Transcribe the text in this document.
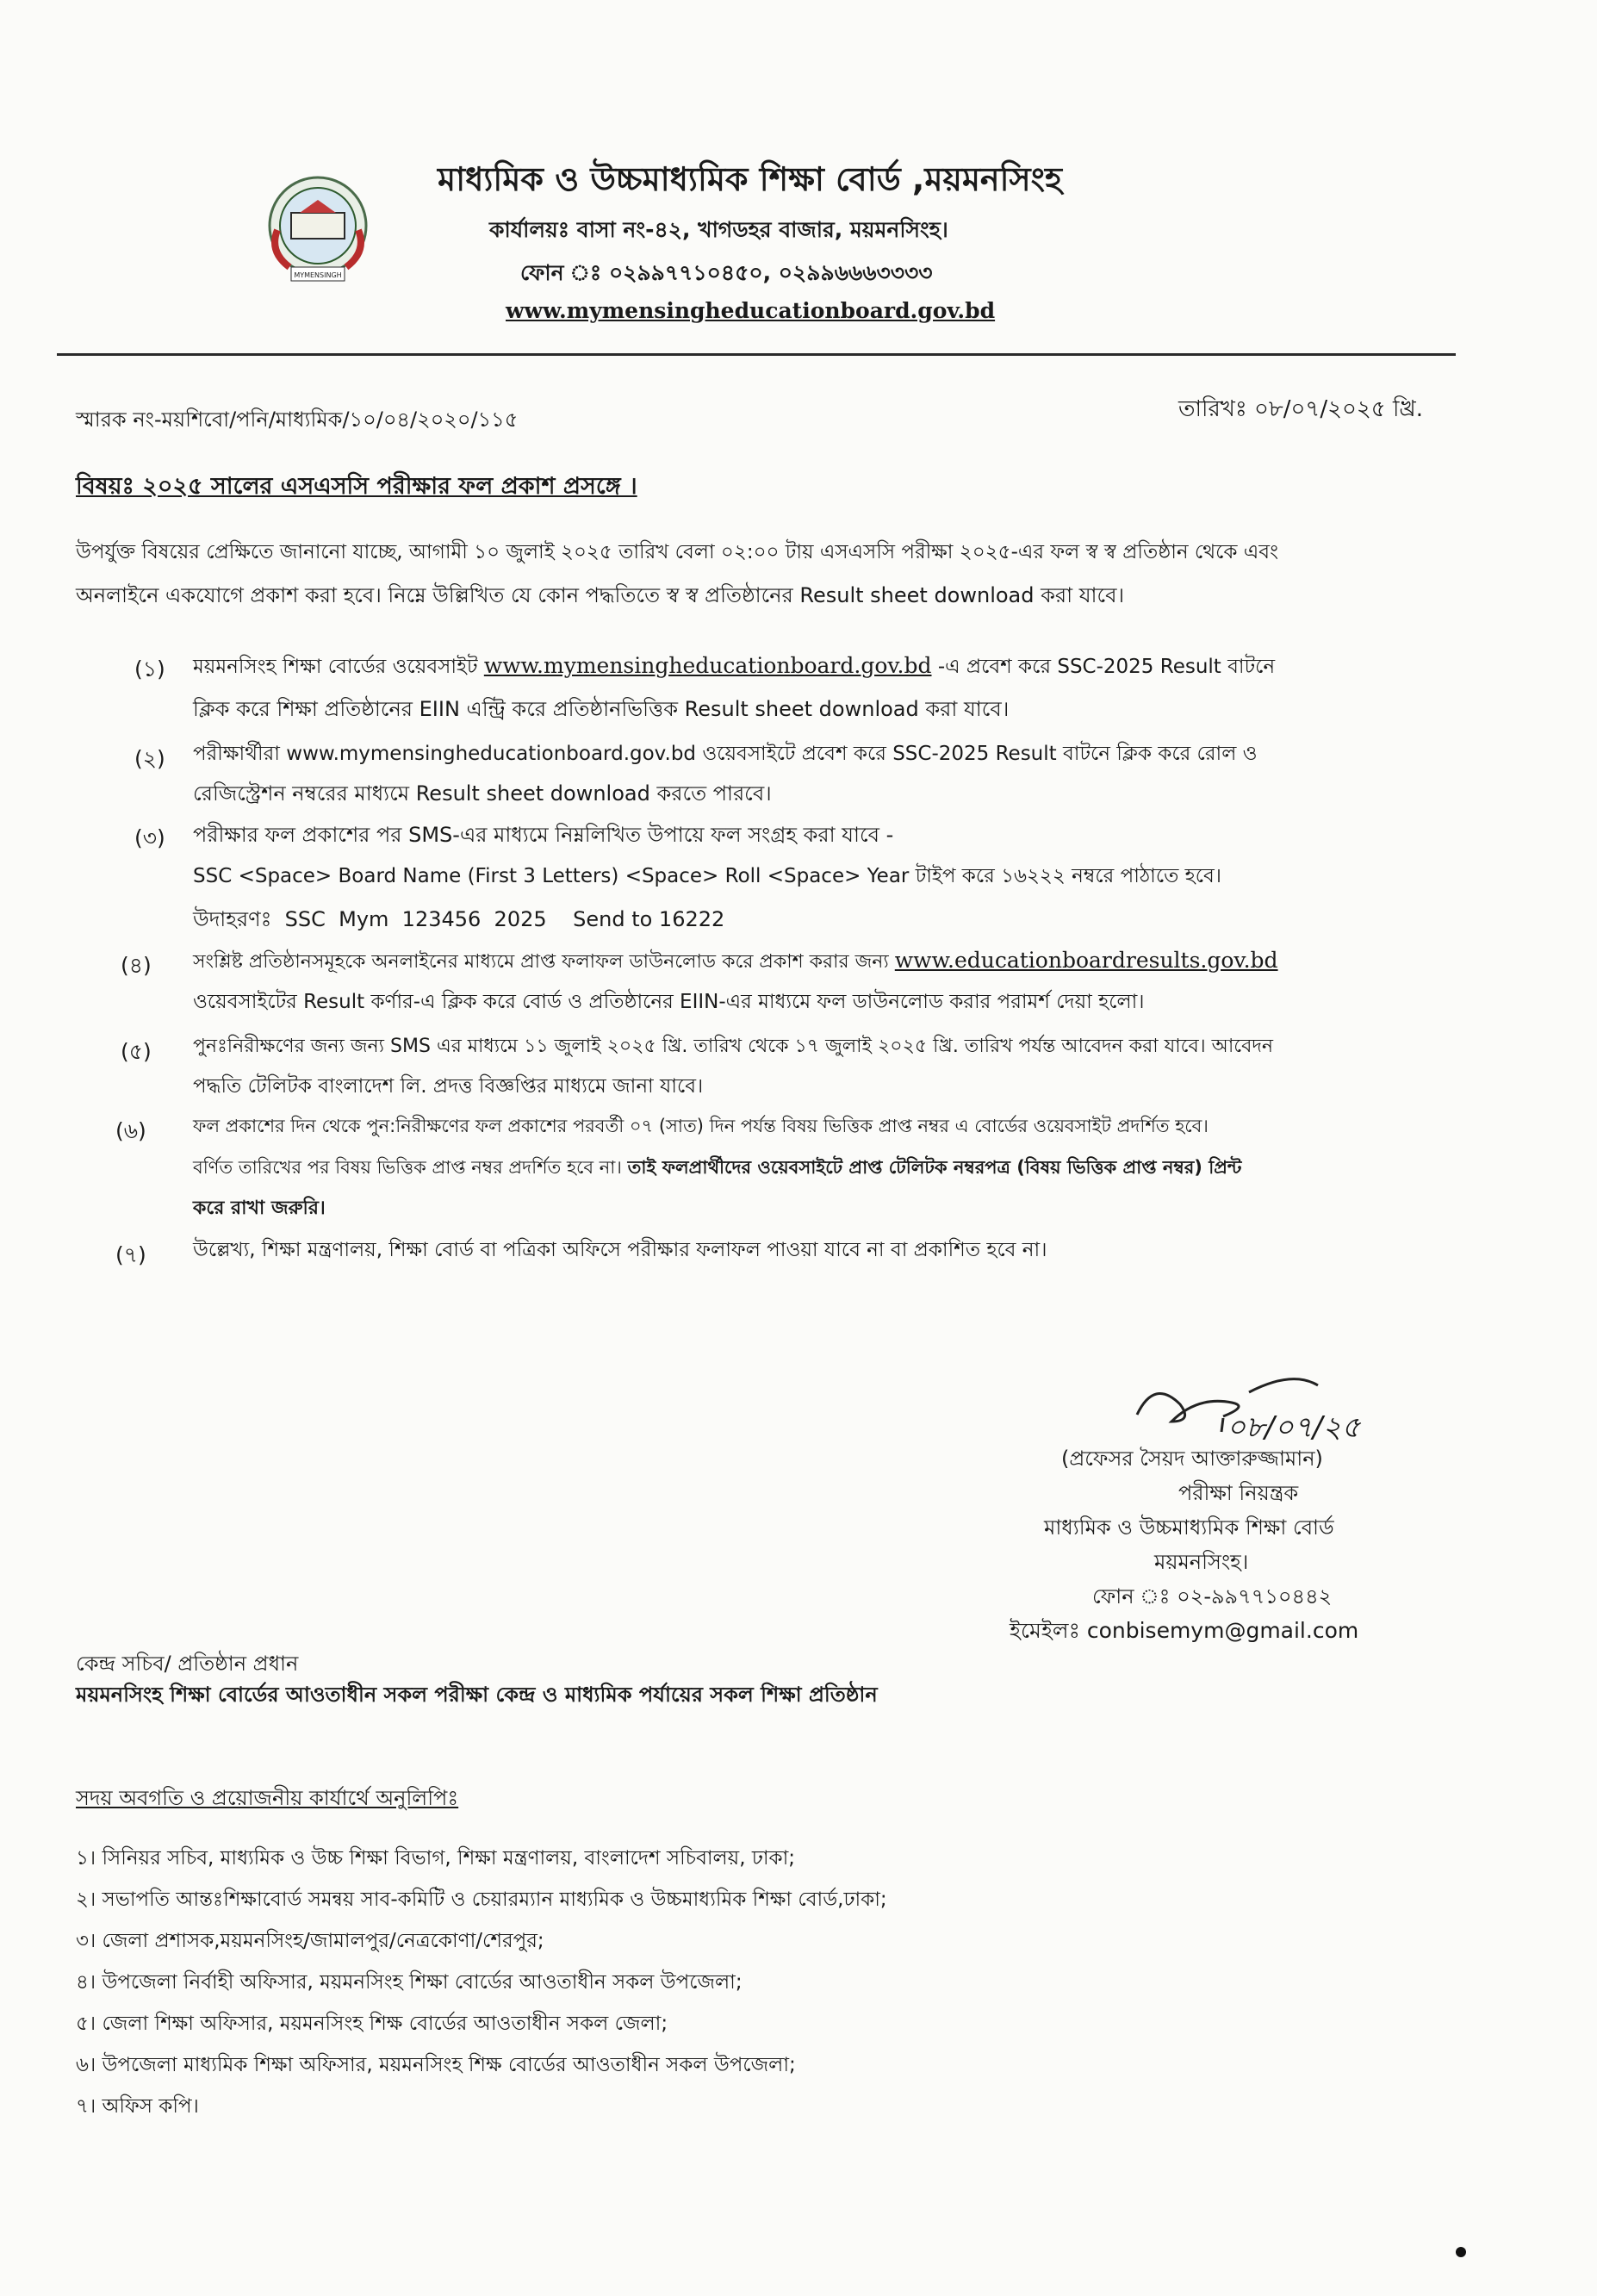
MYMENSINGH
মাধ্যমিক ও উচ্চমাধ্যমিক শিক্ষা বোর্ড ,ময়মনসিংহ
কার্যালয়ঃ বাসা নং-৪২, খাগডহর বাজার, ময়মনসিংহ।
ফোন ঃ ০২৯৯৭৭১০৪৫০, ০২৯৯৬৬৬৩৩৩৩
www.mymensingheducationboard.gov.bd
স্মারক নং-ময়শিবো/পনি/মাধ্যমিক/১০/০৪/২০২০/১১৫	তারিখঃ ০৮/০৭/২০২৫ খ্রি.
বিষয়ঃ ২০২৫ সালের এসএসসি পরীক্ষার ফল প্রকাশ প্রসঙ্গে ।
উপর্যুক্ত বিষয়ের প্রেক্ষিতে জানানো যাচ্ছে, আগামী ১০ জুলাই ২০২৫ তারিখ বেলা ০২:০০ টায় এসএসসি পরীক্ষা ২০২৫-এর ফল স্ব স্ব প্রতিষ্ঠান থেকে এবং
অনলাইনে একযোগে প্রকাশ করা হবে। নিম্নে উল্লিখিত যে কোন পদ্ধতিতে স্ব স্ব প্রতিষ্ঠানের Result sheet download করা যাবে।
(১) ময়মনসিংহ শিক্ষা বোর্ডের ওয়েবসাইট www.mymensingheducationboard.gov.bd -এ প্রবেশ করে SSC-2025 Result বাটনে
ক্লিক করে শিক্ষা প্রতিষ্ঠানের EIIN এন্ট্রি করে প্রতিষ্ঠানভিত্তিক Result sheet download করা যাবে।
(২) পরীক্ষার্থীরা www.mymensingheducationboard.gov.bd ওয়েবসাইটে প্রবেশ করে SSC-2025 Result বাটনে ক্লিক করে রোল ও
রেজিস্ট্রেশন নম্বরের মাধ্যমে Result sheet download করতে পারবে।
(৩) পরীক্ষার ফল প্রকাশের পর SMS-এর মাধ্যমে নিম্নলিখিত উপায়ে ফল সংগ্রহ করা যাবে -
SSC <Space> Board Name (First 3 Letters) <Space> Roll <Space> Year টাইপ করে ১৬২২২ নম্বরে পাঠাতে হবে।
উদাহরণঃ  SSC  Mym  123456  2025    Send to 16222
(৪) সংশ্লিষ্ট প্রতিষ্ঠানসমূহকে অনলাইনের মাধ্যমে প্রাপ্ত ফলাফল ডাউনলোড করে প্রকাশ করার জন্য www.educationboardresults.gov.bd
ওয়েবসাইটের Result কর্ণার-এ ক্লিক করে বোর্ড ও প্রতিষ্ঠানের EIIN-এর মাধ্যমে ফল ডাউনলোড করার পরামর্শ দেয়া হলো।
(৫) পুনঃনিরীক্ষণের জন্য জন্য SMS এর মাধ্যমে ১১ জুলাই ২০২৫ খ্রি. তারিখ থেকে ১৭ জুলাই ২০২৫ খ্রি. তারিখ পর্যন্ত আবেদন করা যাবে। আবেদন
পদ্ধতি টেলিটক বাংলাদেশ লি. প্রদত্ত বিজ্ঞপ্তির মাধ্যমে জানা যাবে।
(৬)	ফল প্রকাশের দিন থেকে পুন:নিরীক্ষণের ফল প্রকাশের পরবর্তী ০৭ (সাত) দিন পর্যন্ত বিষয় ভিত্তিক প্রাপ্ত নম্বর এ বোর্ডের ওয়েবসাইট প্রদর্শিত হবে।
বর্ণিত তারিখের পর বিষয় ভিত্তিক প্রাপ্ত নম্বর প্রদর্শিত হবে না। তাই ফলপ্রার্থীদের ওয়েবসাইটে প্রাপ্ত টেলিটক নম্বরপত্র (বিষয় ভিত্তিক প্রাপ্ত নম্বর) প্রিন্ট
করে রাখা জরুরি।
(৭) উল্লেখ্য, শিক্ষা মন্ত্রণালয়, শিক্ষা বোর্ড বা পত্রিকা অফিসে পরীক্ষার ফলাফল পাওয়া যাবে না বা প্রকাশিত হবে না।
০৮/০৭/২৫
(প্রফেসর সৈয়দ আক্তারুজ্জামান)
পরীক্ষা নিয়ন্ত্রক
মাধ্যমিক ও উচ্চমাধ্যমিক শিক্ষা বোর্ড
ময়মনসিংহ।
ফোন ঃ ০২-৯৯৭৭১০৪৪২
ইমেইলঃ conbisemym@gmail.com
কেন্দ্র সচিব/ প্রতিষ্ঠান প্রধান
ময়মনসিংহ শিক্ষা বোর্ডের আওতাধীন সকল পরীক্ষা কেন্দ্র ও মাধ্যমিক পর্যায়ের সকল শিক্ষা প্রতিষ্ঠান
সদয় অবগতি ও প্রয়োজনীয় কার্যার্থে অনুলিপিঃ
১। সিনিয়র সচিব, মাধ্যমিক ও উচ্চ শিক্ষা বিভাগ, শিক্ষা মন্ত্রণালয়, বাংলাদেশ সচিবালয়, ঢাকা;
২। সভাপতি আন্তঃশিক্ষাবোর্ড সমন্বয় সাব-কমিটি ও চেয়ারম্যান মাধ্যমিক ও উচ্চমাধ্যমিক শিক্ষা বোর্ড,ঢাকা;
৩। জেলা প্রশাসক,ময়মনসিংহ/জামালপুর/নেত্রকোণা/শেরপুর;
৪। উপজেলা নির্বাহী অফিসার, ময়মনসিংহ শিক্ষা বোর্ডের আওতাধীন সকল উপজেলা;
৫। জেলা শিক্ষা অফিসার, ময়মনসিংহ শিক্ষ বোর্ডের আওতাধীন সকল জেলা;
৬। উপজেলা মাধ্যমিক শিক্ষা অফিসার, ময়মনসিংহ শিক্ষ বোর্ডের আওতাধীন সকল উপজেলা;
৭। অফিস কপি।
